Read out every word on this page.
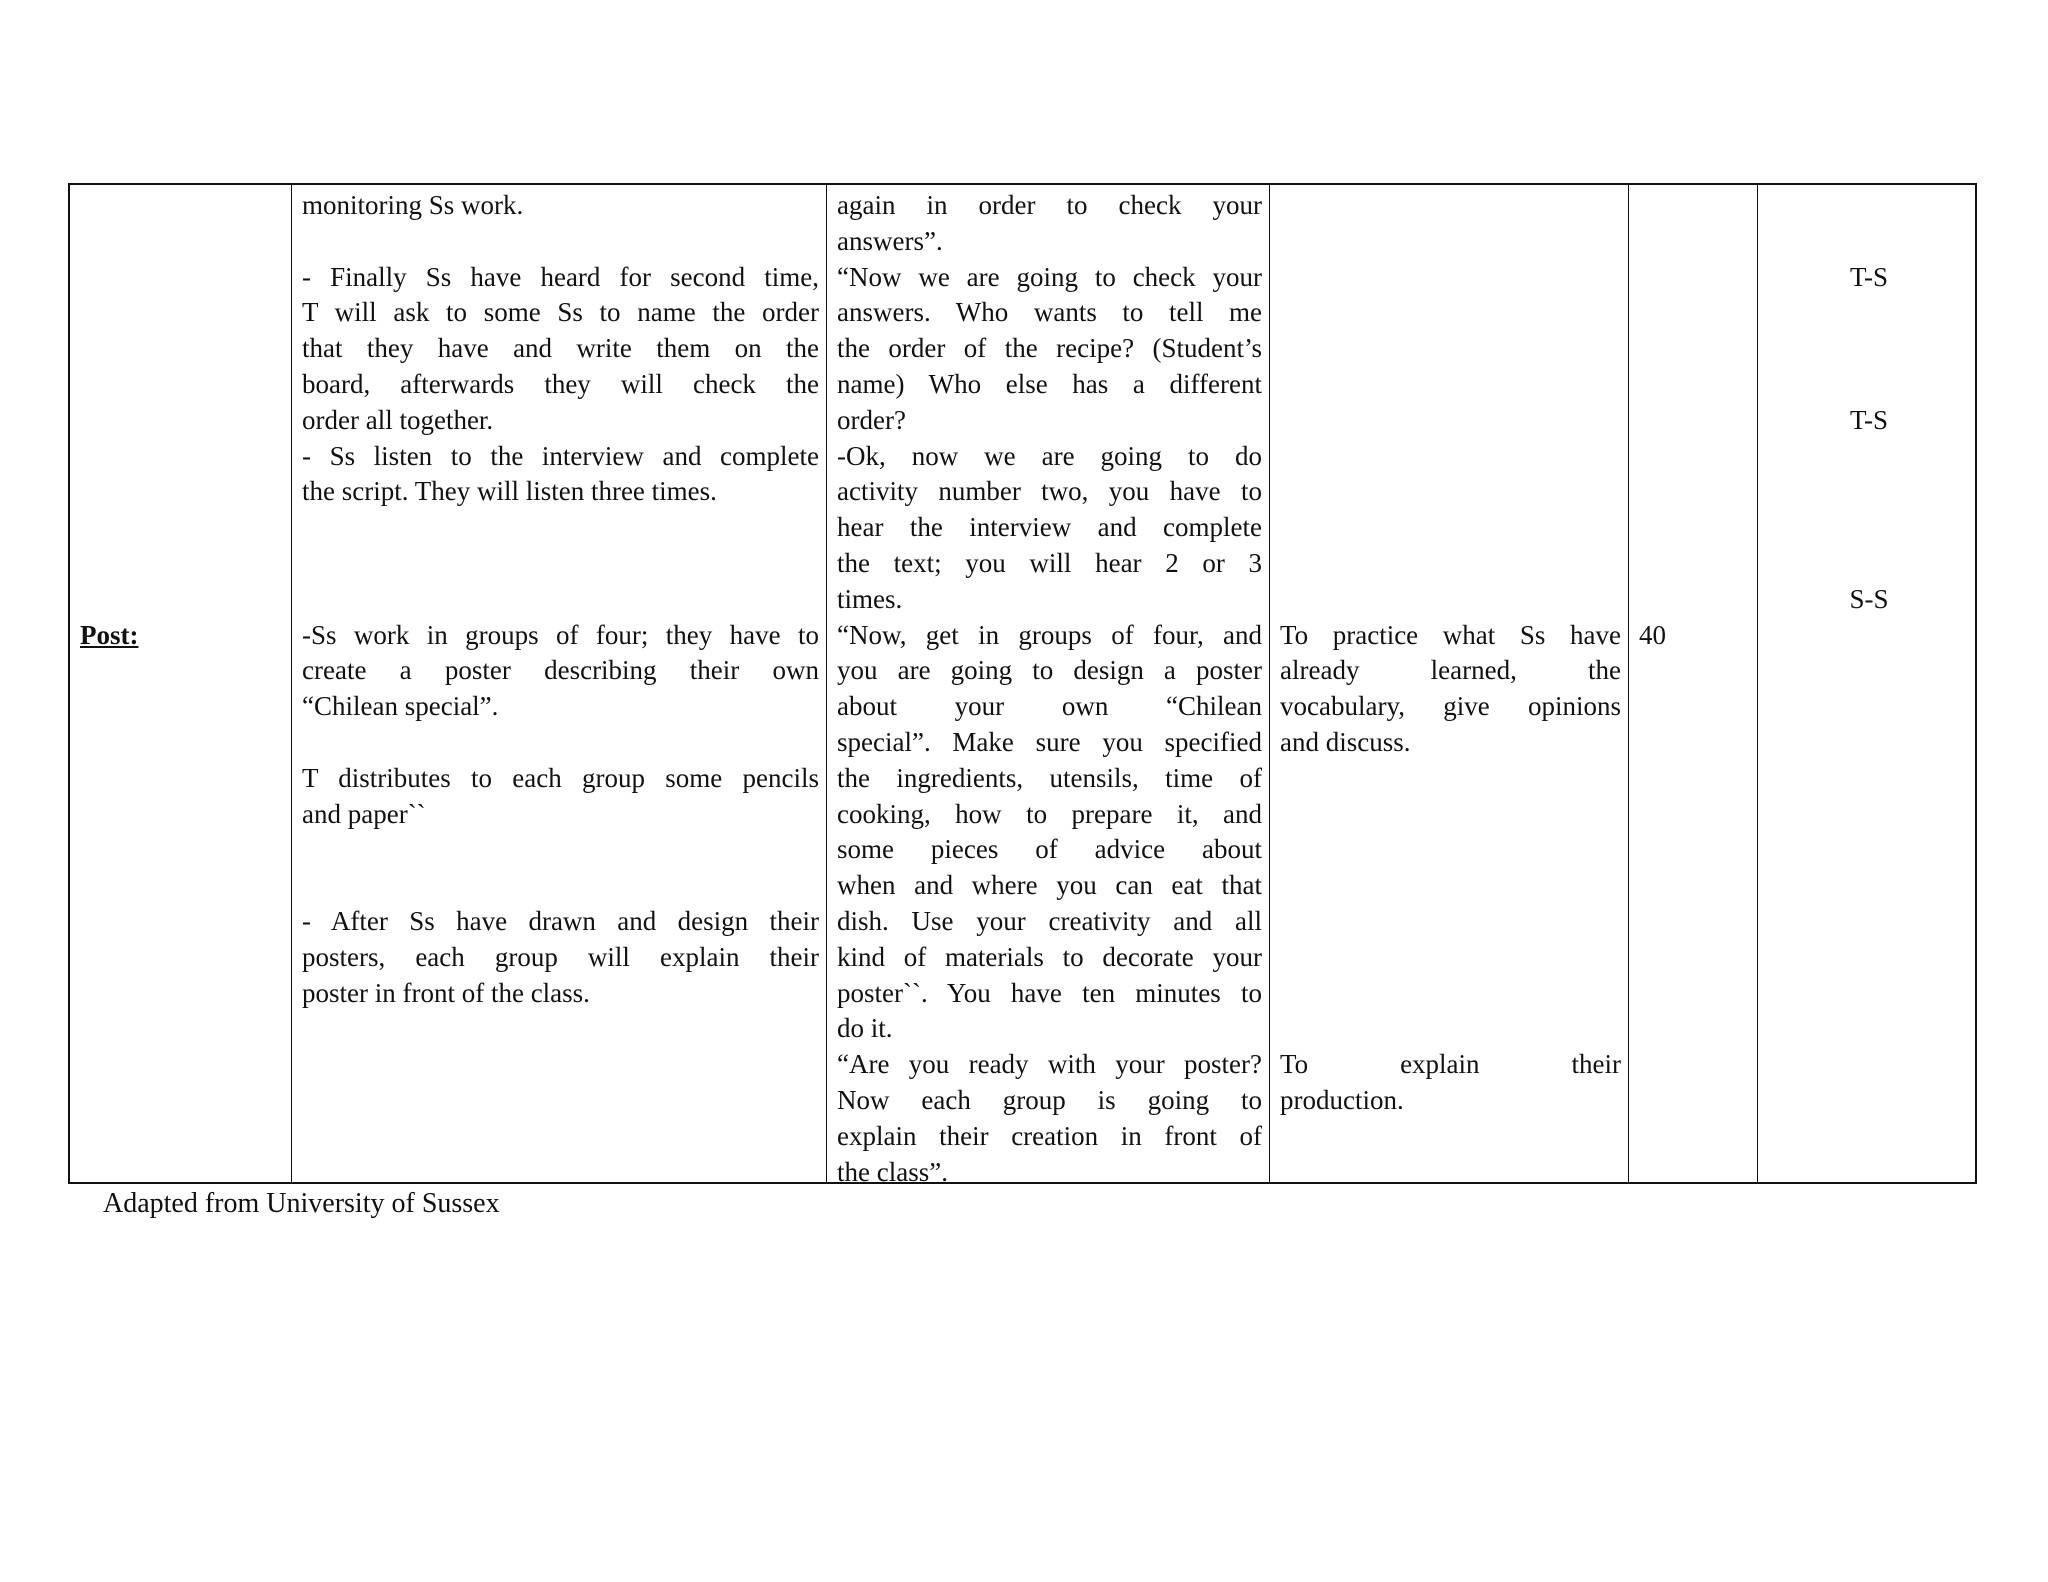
Post:
monitoring Ss work.
- Finally Ss have heard for second time,
T will ask to some Ss to name the order
that they have and write them on the
board, afterwards they will check the
order all together.
- Ss listen to the interview and complete
the script. They will listen three times.
-Ss work in groups of four; they have to
create a poster describing their own
“Chilean special”.
T distributes to each group some pencils
and paper``
- After Ss have drawn and design their
posters, each group will explain their
poster in front of the class.
again in order to check your
answers”.
“Now we are going to check your
answers. Who wants to tell me
the order of the recipe? (Student’s
name) Who else has a different
order?
-Ok, now we are going to do
activity number two, you have to
hear the interview and complete
the text; you will hear 2 or 3
times.
“Now, get in groups of four, and
you are going to design a poster
about your own “Chilean
special”. Make sure you specified
the ingredients, utensils, time of
cooking, how to prepare it, and
some pieces of advice about
when and where you can eat that
dish. Use your creativity and all
kind of materials to decorate your
poster``. You have ten minutes to
do it.
“Are you ready with your poster?
Now each group is going to
explain their creation in front of
the class”.
To practice what Ss have
already learned, the
vocabulary, give opinions
and discuss.
To explain their
production.
40
T-S
T-S
S-S
Adapted from University of Sussex
